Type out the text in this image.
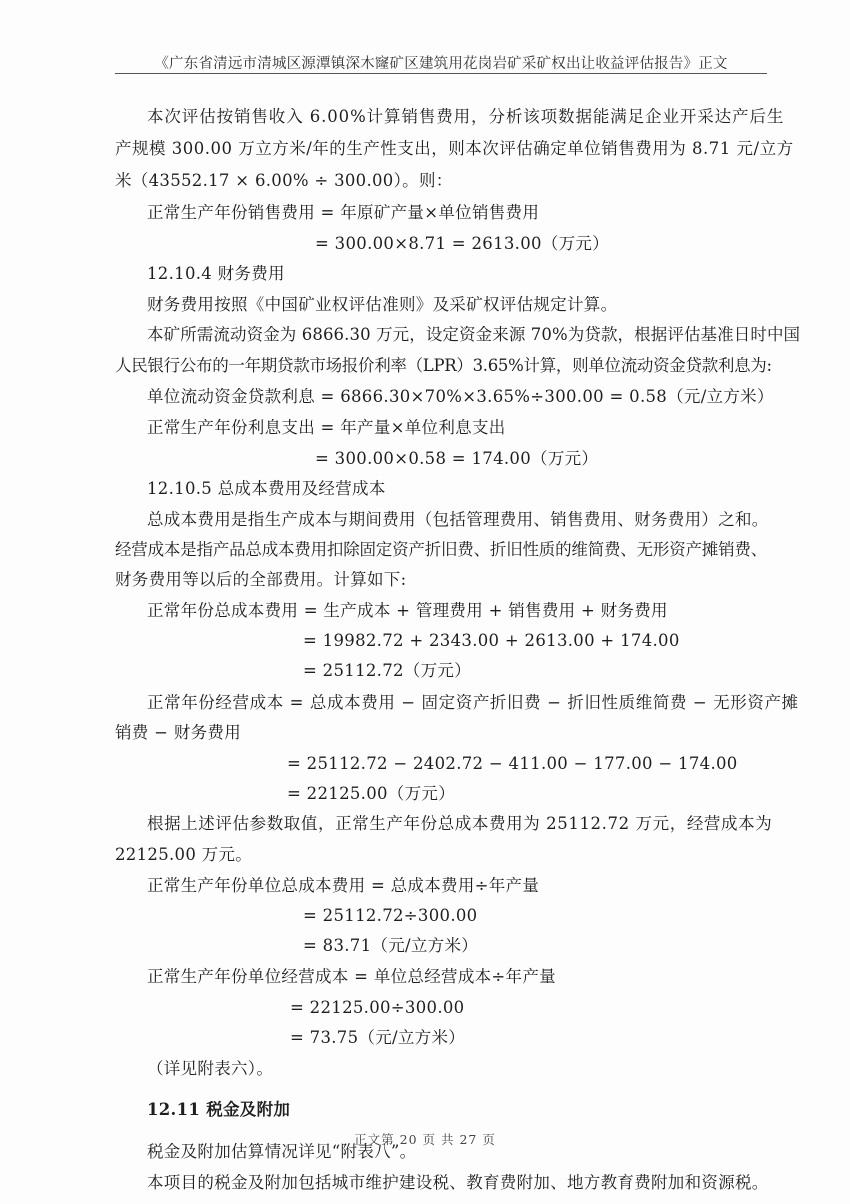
《广东省清远市清城区源潭镇深木窿矿区建筑用花岗岩矿采矿权出让收益评估报告》正文
本次评估按销售收入 6.00%计算销售费用，分析该项数据能满足企业开采达产后生
产规模 300.00 万立方米/年的生产性支出，则本次评估确定单位销售费用为 8.71 元/立方
米（43552.17 × 6.00% ÷ 300.00）。则：
正常生产年份销售费用 = 年原矿产量×单位销售费用
= 300.00×8.71 = 2613.00（万元）
12.10.4 财务费用
财务费用按照《中国矿业权评估准则》及采矿权评估规定计算。
本矿所需流动资金为 6866.30 万元，设定资金来源 70%为贷款，根据评估基准日时中国
人民银行公布的一年期贷款市场报价利率（LPR）3.65%计算，则单位流动资金贷款利息为:
单位流动资金贷款利息 = 6866.30×70%×3.65%÷300.00 = 0.58（元/立方米）
正常生产年份利息支出 = 年产量×单位利息支出
= 300.00×0.58 = 174.00（万元）
12.10.5 总成本费用及经营成本
总成本费用是指生产成本与期间费用（包括管理费用、销售费用、财务费用）之和。
经营成本是指产品总成本费用扣除固定资产折旧费、折旧性质的维简费、无形资产摊销费、
财务费用等以后的全部费用。计算如下:
正常年份总成本费用 = 生产成本 + 管理费用 + 销售费用 + 财务费用
= 19982.72 + 2343.00 + 2613.00 + 174.00
= 25112.72（万元）
正常年份经营成本 = 总成本费用 − 固定资产折旧费 − 折旧性质维简费 − 无形资产摊
销费 − 财务费用
= 25112.72 − 2402.72 − 411.00 − 177.00 − 174.00
= 22125.00（万元）
根据上述评估参数取值，正常生产年份总成本费用为 25112.72 万元，经营成本为
22125.00 万元。
正常生产年份单位总成本费用 = 总成本费用÷年产量
= 25112.72÷300.00
= 83.71（元/立方米）
正常生产年份单位经营成本 = 单位总经营成本÷年产量
= 22125.00÷300.00
= 73.75（元/立方米）
（详见附表六）。
12.11 税金及附加
税金及附加估算情况详见“附表八”。
本项目的税金及附加包括城市维护建设税、教育费附加、地方教育费附加和资源税。
正文第 20 页 共 27 页
